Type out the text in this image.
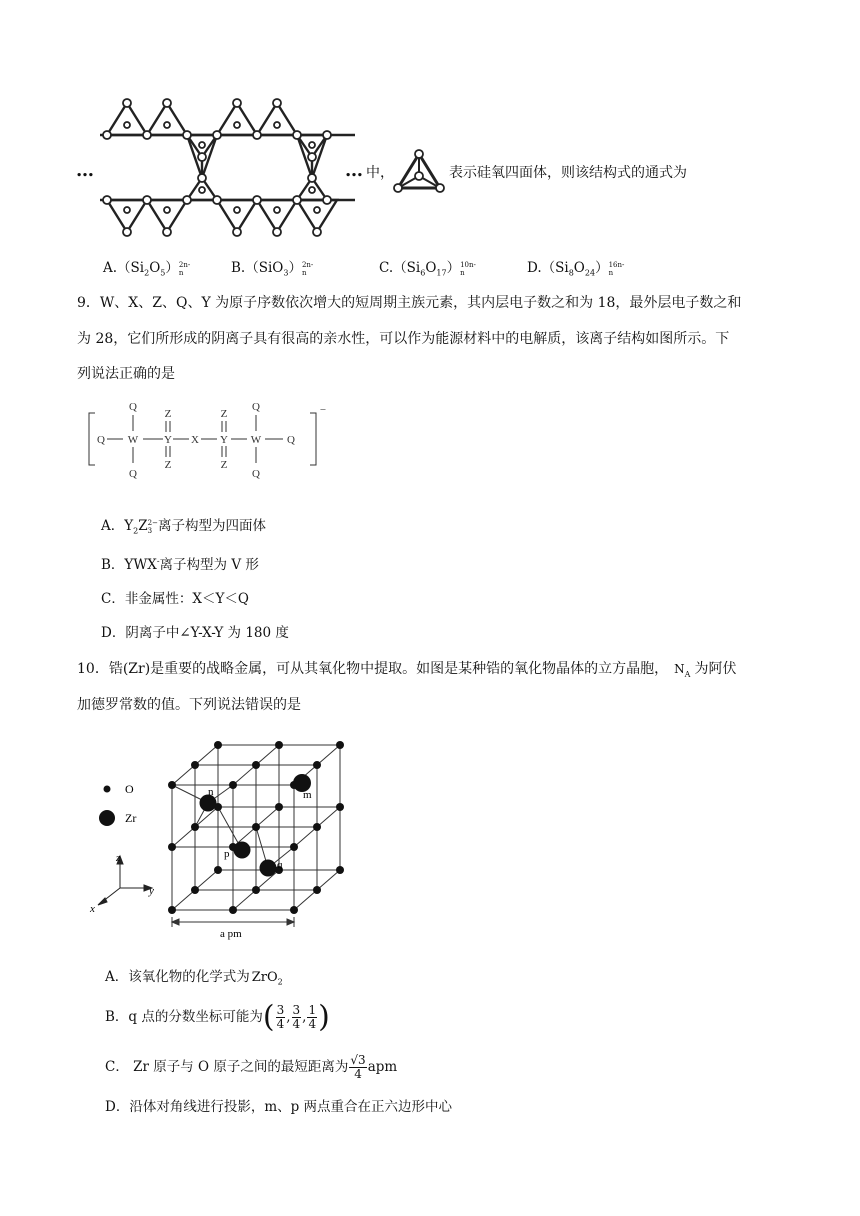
…	… 中，	表示硅氧四面体，则该结构式的通式为
$A.(Si_2O_5)$ 2n-
n	B.（SiO$_3$） 2n-
n	$C.(Si_6O_{17})$ 10n-
n	$D.(Si_8O_{24})$ 16n-
n
9．W、X、Z、Q、Y 为原子序数依次增大的短周期主族元素，其内层电子数之和为 18，最外层电子数之和
为 28，它们所形成的阴离子具有很高的亲水性，可以作为能源材料中的电解质，该离子结构如图所示。下
列说法正确的是
Q W
Q
Q
Y
Z
Z
X Y
Z
Z
W
Q
Q
Q
−
A．$Y_2Z$ 2−
3 离子构型为四面体
B．YWX-离子构型为 V 形
C．非金属性：X＜Y＜Q
D．阴离子中∠Y-X-Y 为 180 度
10．锆(Zr)是重要的战略金属，可从其氧化物中提取。如图是某种锆的氧化物晶体的立方晶胞， $N_A$ 为阿伏
加德罗常数的值。下列说法错误的是
O
Zr
z
y
x
a pm
n	m
p
q
A．该氧化物的化学式为 ZrO$_2$
B．q 点的分数坐标可能为( $\frac{3}{4}$ , $\frac{3}{4}$ , $\frac{1}{4}$ )
C． Zr 原子与 O 原子之间的最短距离为 $\frac{√3}{4}$ apm
D．沿体对角线进行投影，m、p 两点重合在正六边形中心
